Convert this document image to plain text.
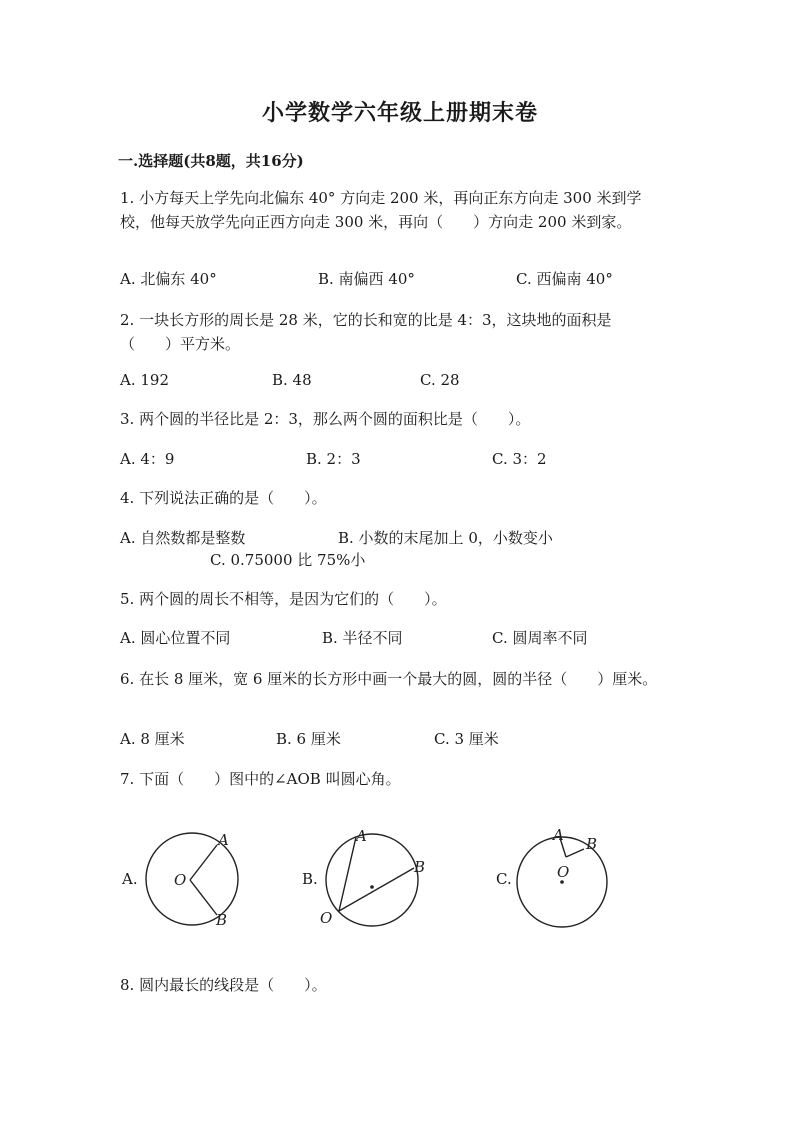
小学数学六年级上册期末卷
一.选择题(共8题，共16分)
1. 小方每天上学先向北偏东 40° 方向走 200 米，再向正东方向走 300 米到学校，他每天放学先向正西方向走 300 米，再向（　　）方向走 200 米到家。
A. 北偏东 40°	B. 南偏西 40°	C. 西偏南 40°
2. 一块长方形的周长是 28 米，它的长和宽的比是 4：3，这块地的面积是（　　）平方米。
A. 192	B. 48	C. 28
3. 两个圆的半径比是 2：3，那么两个圆的面积比是（　　）。
A. 4：9	B. 2：3	C. 3：2
4. 下列说法正确的是（　　）。
A. 自然数都是整数	B. 小数的末尾加上 0，小数变小
C. 0.75000 比 75%小
5. 两个圆的周长不相等，是因为它们的（　　）。
A. 圆心位置不同	B. 半径不同	C. 圆周率不同
6. 在长 8 厘米，宽 6 厘米的长方形中画一个最大的圆，圆的半径（　　）厘米。
A. 8 厘米	B. 6 厘米	C. 3 厘米
7. 下面（　　）图中的∠AOB 叫圆心角。
A. O
A
B
B.
O
A
B
C.	O
A B
8. 圆内最长的线段是（　　）。
